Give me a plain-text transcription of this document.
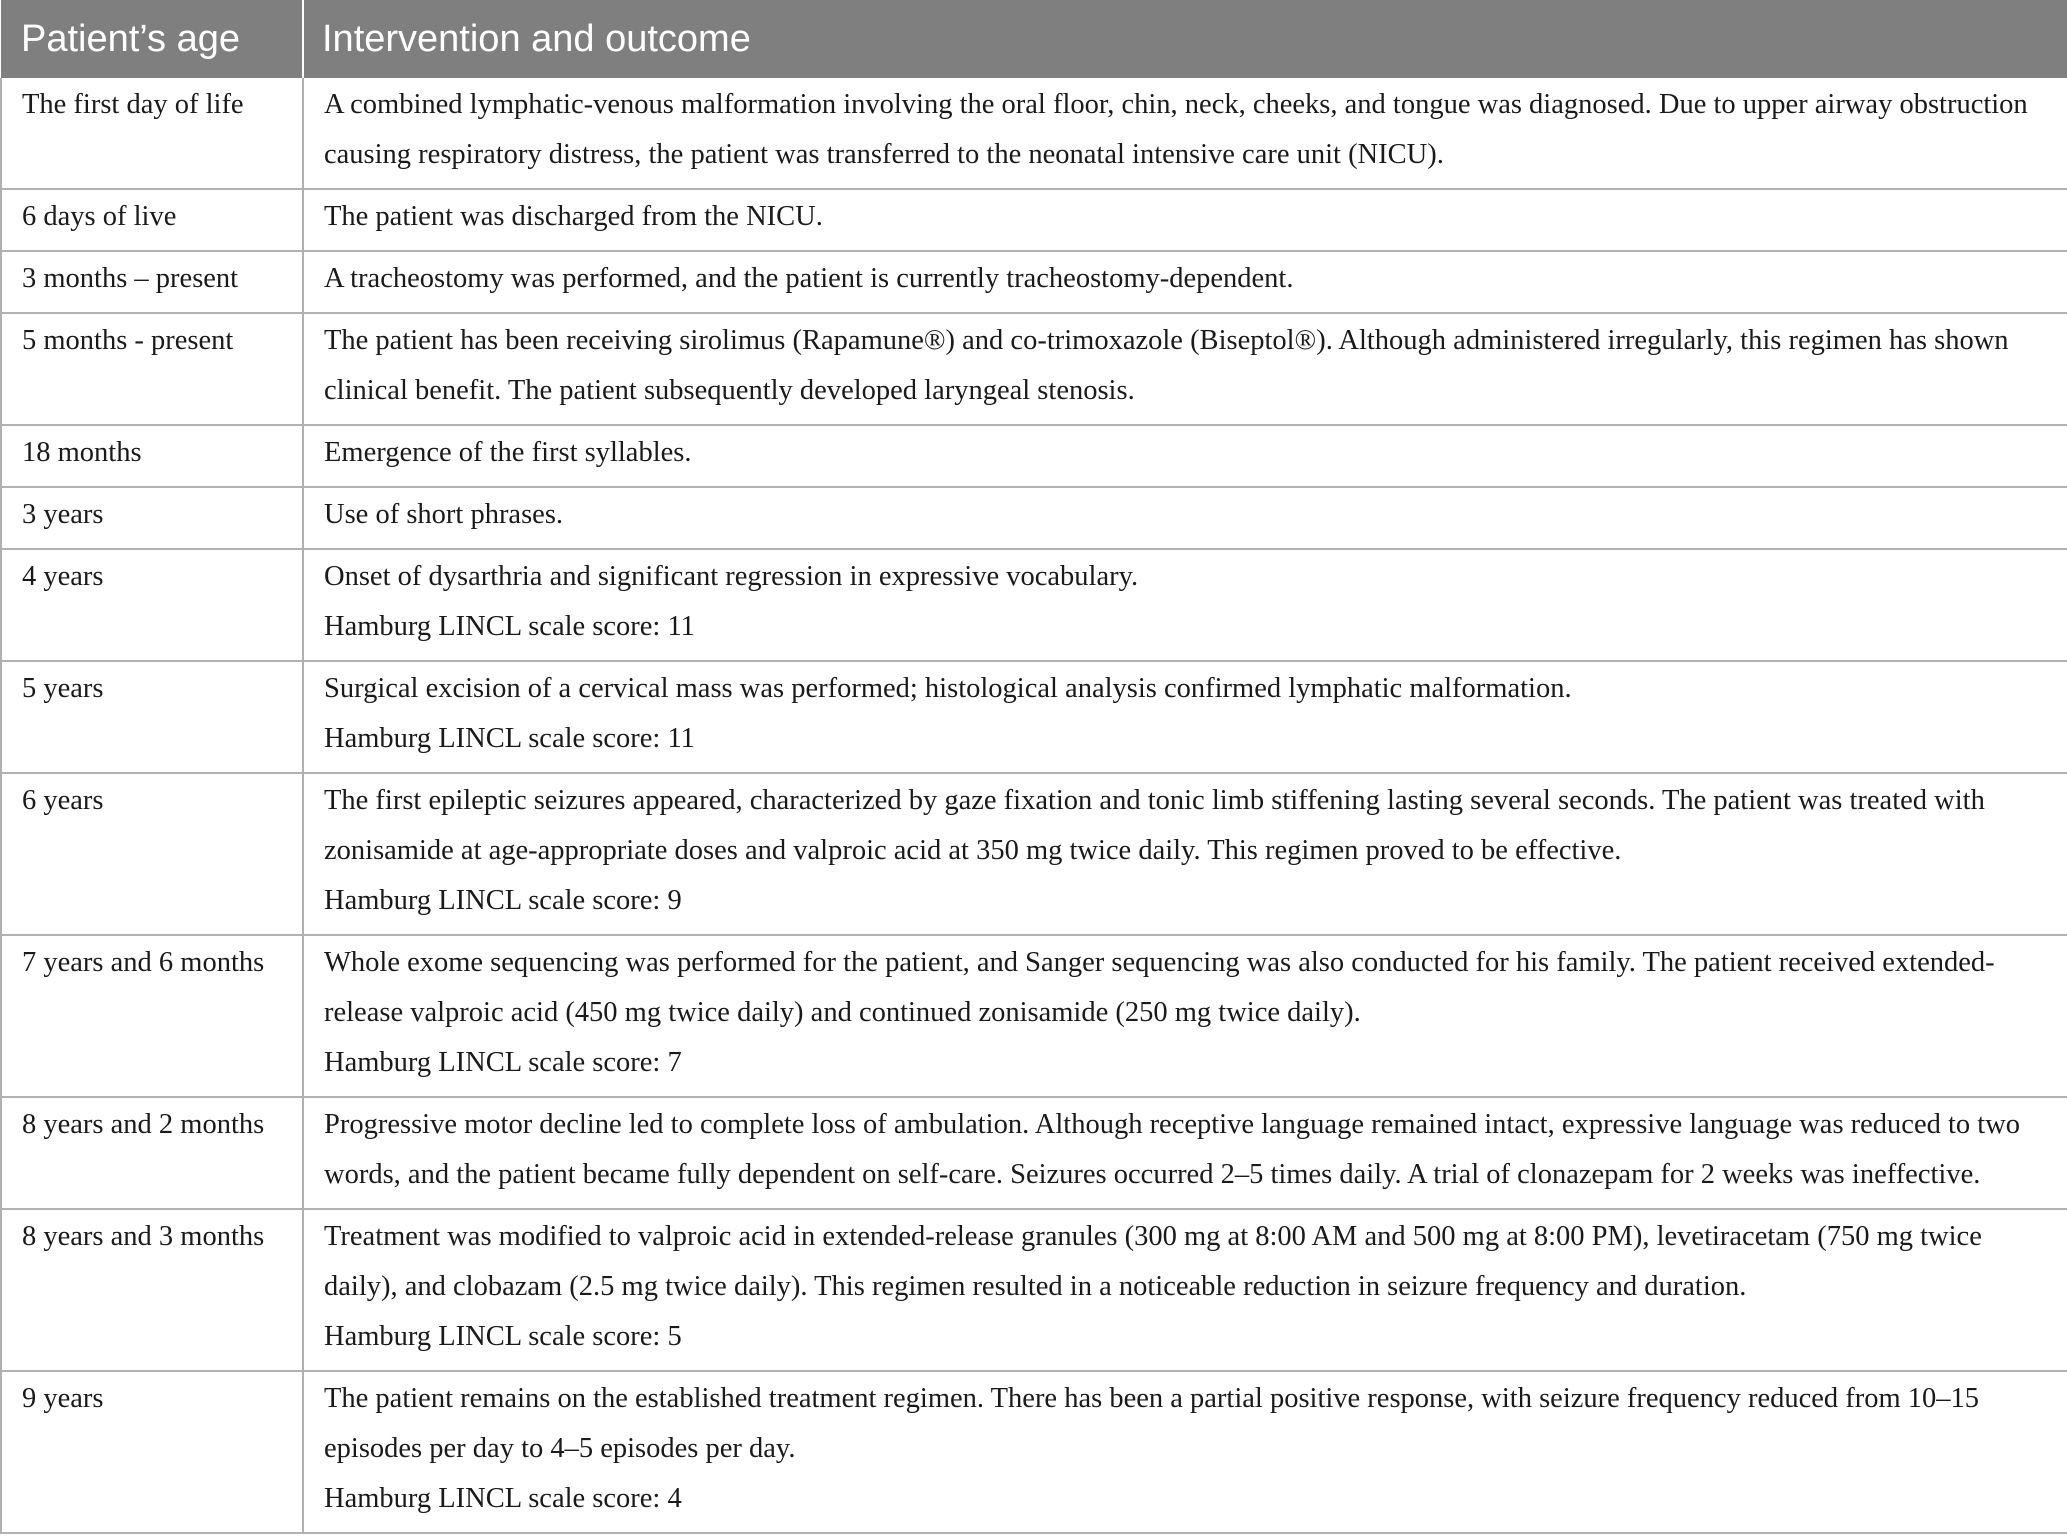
Patient’s age	Intervention and outcome
The first day of life	A combined lymphatic-venous malformation involving the oral floor, chin, neck, cheeks, and tongue was diagnosed. Due to upper airway obstruction causing respiratory distress, the patient was transferred to the neonatal intensive care unit (NICU).

6 days of live	The patient was discharged from the NICU.

3 months – present	A tracheostomy was performed, and the patient is currently tracheostomy-dependent.

5 months - present	The patient has been receiving sirolimus (Rapamune®) and co-trimoxazole (Biseptol®). Although administered irregularly, this regimen has shown clinical benefit. The patient subsequently developed laryngeal stenosis.

18 months	Emergence of the first syllables.

3 years	Use of short phrases.

4 years	Onset of dysarthria and significant regression in expressive vocabulary.
Hamburg LINCL scale score: 11

5 years	Surgical excision of a cervical mass was performed; histological analysis confirmed lymphatic malformation.
Hamburg LINCL scale score: 11

6 years	The first epileptic seizures appeared, characterized by gaze fixation and tonic limb stiffening lasting several seconds. The patient was treated with zonisamide at age-appropriate doses and valproic acid at 350 mg twice daily. This regimen proved to be effective.
Hamburg LINCL scale score: 9

7 years and 6 months	Whole exome sequencing was performed for the patient, and Sanger sequencing was also conducted for his family. The patient received extended-release valproic acid (450 mg twice daily) and continued zonisamide (250 mg twice daily).
Hamburg LINCL scale score: 7

8 years and 2 months	Progressive motor decline led to complete loss of ambulation. Although receptive language remained intact, expressive language was reduced to two words, and the patient became fully dependent on self-care. Seizures occurred 2–5 times daily. A trial of clonazepam for 2 weeks was ineffective.

8 years and 3 months	Treatment was modified to valproic acid in extended-release granules (300 mg at 8:00 AM and 500 mg at 8:00 PM), levetiracetam (750 mg twice daily), and clobazam (2.5 mg twice daily). This regimen resulted in a noticeable reduction in seizure frequency and duration.
Hamburg LINCL scale score: 5

9 years	The patient remains on the established treatment regimen. There has been a partial positive response, with seizure frequency reduced from 10–15 episodes per day to 4–5 episodes per day.
Hamburg LINCL scale score: 4
